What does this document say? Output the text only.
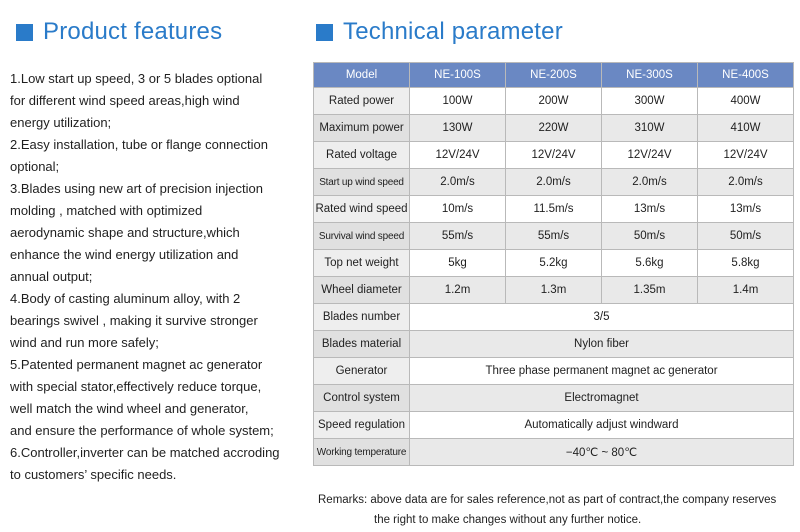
Product features	Technical parameter
1.Low start up speed, 3 or 5 blades optional
for different wind speed areas,high wind
energy utilization;
2.Easy installation, tube or flange connection
optional;
3.Blades using new art of precision injection
molding , matched with optimized
aerodynamic shape and structure,which
enhance the wind energy utilization and
annual output;
4.Body of casting aluminum alloy, with 2
bearings swivel , making it survive stronger
wind and run more safely;
5.Patented permanent magnet ac generator
with special stator,effectively reduce torque,
well match the wind wheel and generator,
and ensure the performance of whole system;
6.Controller,inverter can be matched accroding
to customers’ specific needs.
Model	NE-100S	NE-200S	NE-300S	NE-400S
Rated power	100W	200W	300W	400W
Maximum power	130W	220W	310W	410W
Rated voltage	12V/24V	12V/24V	12V/24V	12V/24V
Start up wind speed	2.0m/s	2.0m/s	2.0m/s	2.0m/s
Rated wind speed	10m/s	11.5m/s	13m/s	13m/s
Survival wind speed	55m/s	55m/s	50m/s	50m/s
Top net weight	5kg	5.2kg	5.6kg	5.8kg
Wheel diameter	1.2m	1.3m	1.35m	1.4m
Blades number	3/5			
Blades material	Nylon fiber			
Generator	Three phase permanent magnet ac generator			
Control system	Electromagnet			
Speed regulation	Automatically adjust windward			
Working temperature	−40℃ ~ 80℃			
Remarks: above data are for sales reference,not as part of contract,the company reserves
the right to make changes without any further notice.
